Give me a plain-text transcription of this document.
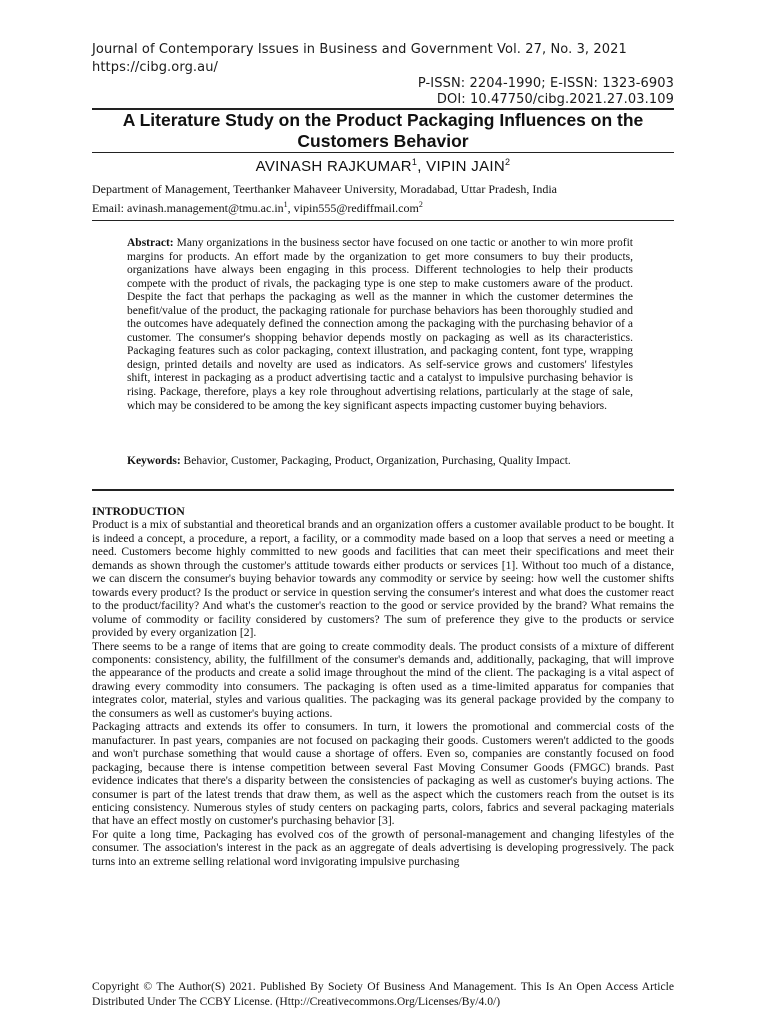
Journal of Contemporary Issues in Business and Government Vol. 27, No. 3, 2021
https://cibg.org.au/
P-ISSN: 2204-1990; E-ISSN: 1323-6903
DOI: 10.47750/cibg.2021.27.03.109
A Literature Study on the Product Packaging Influences on the Customers Behavior
AVINASH RAJKUMAR$^1$, VIPIN JAIN$^2$
Department of Management, Teerthanker Mahaveer University, Moradabad, Uttar Pradesh, India
Email: $avinash.management@tmu.ac.in^1$, vipin555@rediffmail.com$^2$
Abstract: Many organizations in the business sector have focused on one tactic or another to win more profit margins for products. An effort made by the organization to get more consumers to buy their products, organizations have always been engaging in this process. Different technologies to help their products compete with the product of rivals, the packaging type is one step to make customers aware of the product. Despite the fact that perhaps the packaging as well as the manner in which the customer determines the benefit/value of the product, the packaging rationale for purchase behaviors has been thoroughly studied and the outcomes have adequately defined the connection among the packaging with the purchasing behavior of a customer. The consumer's shopping behavior depends mostly on packaging as well as its characteristics. Packaging features such as color packaging, context illustration, and packaging content, font type, wrapping design, printed details and novelty are used as indicators. As self-service grows and customers' lifestyles shift, interest in packaging as a product advertising tactic and a catalyst to impulsive purchasing behavior is rising. Package, therefore, plays a key role throughout advertising relations, particularly at the stage of sale, which may be considered to be among the key significant aspects impacting customer buying behaviors.
Keywords: Behavior, Customer, Packaging, Product, Organization, Purchasing, Quality Impact.
INTRODUCTION

Product is a mix of substantial and theoretical brands and an organization offers a customer available product to be bought. It is indeed a concept, a procedure, a report, a facility, or a commodity made based on a loop that serves a need or meeting a need. Customers become highly committed to new goods and facilities that can meet their specifications and meet their demands as shown through the customer's attitude towards either products or services [1]. Without too much of a distance, we can discern the consumer's buying behavior towards any commodity or service by seeing: how well the customer shifts towards every product? Is the product or service in question serving the consumer's interest and what does the customer react to the product/facility? And what's the customer's reaction to the good or service provided by the brand? What remains the volume of commodity or facility considered by customers? The sum of preference they give to the products or service provided by every organization [2].

There seems to be a range of items that are going to create commodity deals. The product consists of a mixture of different components: consistency, ability, the fulfillment of the consumer's demands and, additionally, packaging, that will improve the appearance of the products and create a solid image throughout the mind of the client. The packaging is a vital aspect of drawing every commodity into consumers. The packaging is often used as a time-limited apparatus for companies that integrates color, material, styles and various qualities. The packaging was its general package provided by the company to the consumers as well as customer's buying actions.

Packaging attracts and extends its offer to consumers. In turn, it lowers the promotional and commercial costs of the manufacturer. In past years, companies are not focused on packaging their goods. Customers weren't addicted to the goods and won't purchase something that would cause a shortage of offers. Even so, companies are constantly focused on food packaging, because there is intense competition between several Fast Moving Consumer Goods (FMGC) brands. Past evidence indicates that there's a disparity between the consistencies of packaging as well as customer's buying actions. The consumer is part of the latest trends that draw them, as well as the aspect which the customers reach from the outset is its enticing consistency. Numerous styles of study centers on packaging parts, colors, fabrics and several packaging materials that have an effect mostly on customer's purchasing behavior [3].

For quite a long time, Packaging has evolved cos of the growth of personal-management and changing lifestyles of the consumer. The association's interest in the pack as an aggregate of deals advertising is developing progressively. The pack turns into an extreme selling relational word invigorating impulsive purchasing

Copyright © The Author(S) 2021. Published By Society Of Business And Management. This Is An Open Access Article Distributed Under The CCBY License. (Http://Creativecommons.Org/Licenses/By/4.0/)
